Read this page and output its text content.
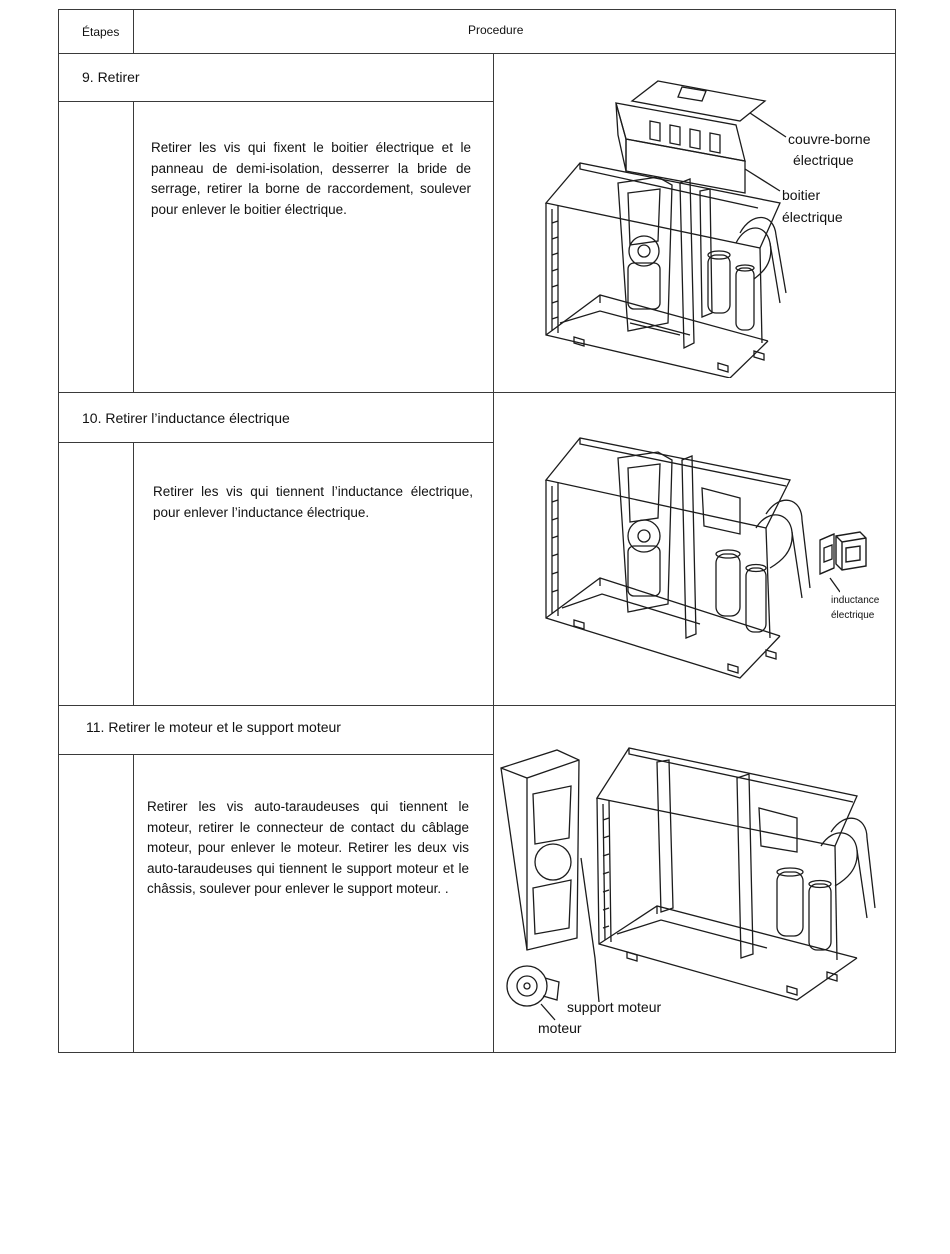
Étapes	Procedure
9. Retirer
Retirer les vis qui fixent le boitier électrique et le panneau de demi-isolation, desserrer la bride de serrage, retirer la borne de raccordement, soulever pour enlever le boitier électrique.
couvre-borne
électrique
boitier
électrique
10. Retirer l’inductance électrique
Retirer les vis qui tiennent l’inductance électrique, pour enlever l’inductance électrique.
inductance
électrique
11. Retirer le moteur et le support moteur
Retirer les vis auto-taraudeuses qui tiennent le moteur, retirer le connecteur de contact du câblage moteur, pour enlever le moteur. Retirer les deux vis auto-taraudeuses qui tiennent le support moteur et le châssis, soulever pour enlever le support moteur. .
support moteur
moteur
